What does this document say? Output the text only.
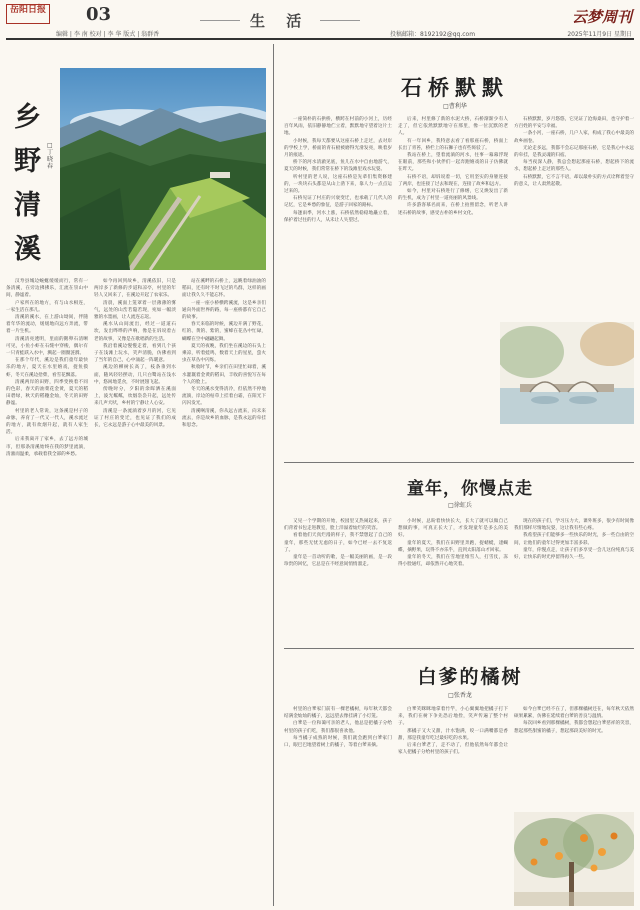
岳阳日报 03
编辑 | 李 南 校对 | 李 华 版式 | 翁群香
生 活	云梦周刊
投稿邮箱：8192192@qq.com	2025年11月9日 星期日
乡
野
清
溪
□丁晓春

汉寿县城边蜿蜒缓缓而行，常有一条清溪，在旁边拂拂乐，汇流在崇山中间，静谧着。

户家所在的地方，有与山水相连，一家生活在那儿。

清溪的溪水，在上游山坳间，伴随着年华的流动，缓缓地向远方奔流，带着一片生机。

清溪清亮透明，里面的鹅卵石清晰可见，小鱼小虾在石缝中穿梭，偶尔有一只青蛙跃入水中，溅起一圈圈涟漪。

在那个年代，溪边是我们童年最快乐的地方，夏天在水里嬉戏，捉鱼摸虾，冬天在溪边拾柴，看雪花飘落。

清溪两岸的田野，四季变换着不同的色彩，春天的油菜花金黄，夏天的稻田碧绿，秋天的稻穗金灿，冬天的田野静谧。

村里的老人常说，这条溪是村子的命脉，养育了一代又一代人，溪水流过的地方，就有炊烟升起，就有人家生活。

后来我离开了家乡，去了远方的城市，但那条清溪始终在我的梦里流淌，清澈而温柔，承载着我全部的乡愁。

如今再回到故乡，清溪依旧，只是两岸多了新修的步道和凉亭，村里的年轻人又回来了，在溪边开起了农家乐。

清晨，溪面上笼罩着一层薄薄的雾气，远处的山峦若隐若现，宛如一幅淡雅的水墨画，让人流连忘返。

溪水从山间流出，经过一道道石坎，发出哗哗的声响，像是在诉说着古老的故事，又像是在歌唱新的生活。

我沿着溪边慢慢走着，看到几个孩子在浅滩上玩水，笑声清脆，仿佛看到了当年的自己，心中涌起一阵暖意。

溪边的柳树长高了，枝条垂到水面，随风轻轻摆动，几只白鹭站在浅水中，悠闲地觅食，不时展翅飞起。

傍晚时分，夕阳的余晖洒在溪面上，波光粼粼，炊烟袅袅升起，远处传来几声犬吠，乡村的宁静让人心安。

清溪是一条流淌着岁月的河，它见证了村庄的变迁，也见证了我们的成长，它永远是游子心中最美的风景。

站在溪畔的石桥上，远眺着绿油油的稻田，还有时不时飞过的鸟群，这样的画面让我久久不能忘怀。

一座一座小桥横跨溪流，这是乡亲们通向外面世界的路，每一座桥都有它自己的故事。

春天来临的时候，溪边开满了野花，红的、黄的、紫的，蜜蜂在花丛中忙碌，蝴蝶在空中翩翩起舞。

夏天的夜晚，我们坐在溪边的石头上乘凉，听着蛙鸣，数着天上的星星，萤火虫在草丛中闪烁。

秋收时节，乡亲们在田里忙碌着，溪水灌溉着金黄的稻田，丰收的喜悦写在每个人的脸上。

冬天的溪水变得清冷，但依然不停地流淌，岸边的枯草上挂着白霜，在阳光下闪闪发光。

清溪啊清溪，你从远古流来，向未来流去，你是故乡的血脉，是我永远的牵挂和思念。

石桥默默
□曹利华

一座简朴的石拱桥，横跨在村前的小河上，历经百年风雨，依旧静静地伫立着，默默地守望着这片土地。

小时候，我每天都要从这座石桥上走过，去对岸的学校上学，桥面的青石板被磨得光滑发亮，映着岁月的痕迹。

桥下的河水清澈见底，鱼儿在水中自由地游弋，夏天的时候，我们常常在桥下的浅滩里戏水玩耍。

听村里的老人说，这座石桥是先辈们集资修建的，一块块石头都是从山上凿下来，靠人力一点点运过来的。

石桥见证了村庄的兴衰变迁，也承载了几代人的记忆，它是乡愁的象征，是游子回家的路标。

每逢雨季，河水上涨，石桥依然稳稳地矗立着，保护着过往的行人，从未让人失望过。

后来，村里修了新的水泥大桥，石桥渐渐少有人走了，但它依然默默地守在那里，像一位沉默的老人。

有一年回乡，我特意去看了看那座石桥，桥面上长出了青苔，桥栏上的石狮子也有些斑驳了。

我站在桥上，望着流淌的河水，往事一幕幕浮现在眼前，那些和小伙伴们一起奔跑嬉戏的日子仿佛就在昨天。

石桥不语，却诉说着一切，它用坚实的身躯连接了两岸，也连接了过去和现在，连接了故乡和远方。

如今，村里对石桥进行了修缮，它又焕发出了新的生机，成为了村里一道亮丽的风景线。

许多游客慕名而来，在桥上拍照留念，听老人讲述石桥的故事，感受古朴的乡村文化。

石桥默默，岁月悠悠，它见证了沧海桑田，也守护着一方百姓的平安与幸福。

一条小河，一座石桥，几户人家，构成了我心中最美的故乡画卷。

无论走多远，我都不会忘记那座石桥，它是我心中永远的牵挂，是我灵魂的归宿。

每当夜深人静，我总会想起那座石桥，想起桥下的流水，想起桥上走过的那些人。

石桥默默，它不言不语，却以最朴实的方式诠释着坚守的意义，让人肃然起敬。

童年，你慢点走
□徐虹兵

又见一个学期的开始，校园里又热闹起来，孩子们背着书包走进教室，脸上洋溢着灿烂的笑容。

看着他们天真烂漫的样子，我不禁想起了自己的童年，那些无忧无虑的日子，如今已经一去不复返了。

童年是一首动听的歌，是一幅美丽的画，是一段珍贵的回忆，它总是在不经意间悄悄溜走。

小时候，总盼着快快长大，长大了就可以做自己想做的事，可真正长大了，才发现童年是多么的美好。

童年的夏天，我们在田野里奔跑，捉蜻蜓，逮蝴蝶，摘野果，玩得不亦乐乎，直到太阳落山才回家。

童年的冬天，我们在雪地里堆雪人，打雪仗，冻得小脸通红，却依然开心地笑着。

现在的孩子们，学习压力大，课外班多，很少有时间像我们那样尽情地玩耍，这让我有些心疼。

我希望孩子们能够多一些快乐的时光，多一些自由的空间，让他们的童年过得更加丰富多彩。

童年，你慢点走，让孩子们多享受一会儿这份纯真与美好，让快乐的时光停留得再久一些。

白爹的橘树
□张香龙

村里的白爹家门前有一棵老橘树，每年秋天都会结满金灿灿的橘子，远远望去像挂满了小灯笼。

白爹是一位和蔼可亲的老人，他总是把橘子分给村里的孩子们吃，我们都很喜欢他。

每当橘子成熟的时候，我们就会跑到白爹家门口，眼巴巴地望着树上的橘子，等着白爹来摘。

白爹笑眯眯地拿着竹竿，小心翼翼地把橘子打下来，我们在树下争先恐后地捡，笑声传遍了整个村子。

那橘子又大又甜，汁水饱满，咬一口满嘴都是香甜，那是我童年吃过最好吃的水果。

后来白爹老了，走不动了，但他依然每年都会让家人把橘子分给村里的孩子们。

如今白爹已经不在了，但那棵橘树还在，每年秋天依然硕果累累，仿佛在延续着白爹的善良与温情。

每次回乡看到那棵橘树，我都会想起白爹慈祥的笑容，想起那些甜蜜的橘子，想起那段美好的时光。
